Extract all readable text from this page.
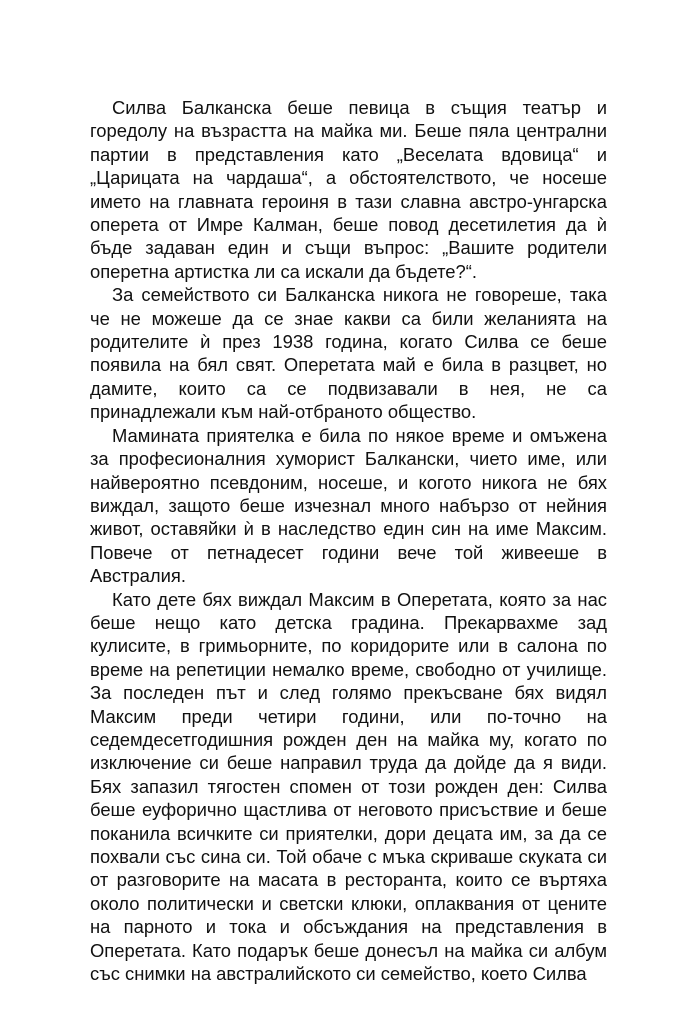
Силва Балканска беше певица в същия театър и горедолу на възрастта на майка ми. Беше пяла централни партии в представления като „Веселата вдовица“ и „Царицата на чардаша“, а обстоятелството, че носеше името на главната героиня в тази славна австро-унгарска оперета от Имре Калман, беше повод десетилетия да ѝ бъде задаван един и същи въпрос: „Вашите родители оперетна артистка ли са искали да бъдете?“.

За семейството си Балканска никога не говореше, така че не можеше да се знае какви са били желанията на родителите ѝ през 1938 година, когато Силва се беше появила на бял свят. Оперетата май е била в разцвет, но дамите, които са се подвизавали в нея, не са принадлежали към най-отбраното общество.

Мамината приятелка е била по някое време и омъжена за професионалния хуморист Балкански, чието име, или найвероятно псевдоним, носеше, и когото никога не бях виждал, защото беше изчезнал много набързо от нейния живот, оставяйки ѝ в наследство един син на име Максим. Повече от петнадесет години вече той живееше в Австралия.

Като дете бях виждал Максим в Оперетата, която за нас беше нещо като детска градина. Прекарвахме зад кулисите, в гримьорните, по коридорите или в салона по време на репетиции немалко време, свободно от училище. За последен път и след голямо прекъсване бях видял Максим преди четири години, или по-точно на седемдесетгодишния рожден ден на майка му, когато по изключение си беше направил труда да дойде да я види. Бях запазил тягостен спомен от този рожден ден: Силва беше еуфорично щастлива от неговото присъствие и беше поканила всичките си приятелки, дори децата им, за да се похвали със сина си. Той обаче с мъка скриваше скуката си от разговорите на масата в ресторанта, които се въртяха около политически и светски клюки, оплаквания от цените на парното и тока и обсъждания на представления в Оперетата. Като подарък беше донесъл на майка си албум със снимки на австралийското си семейство, което Силва
